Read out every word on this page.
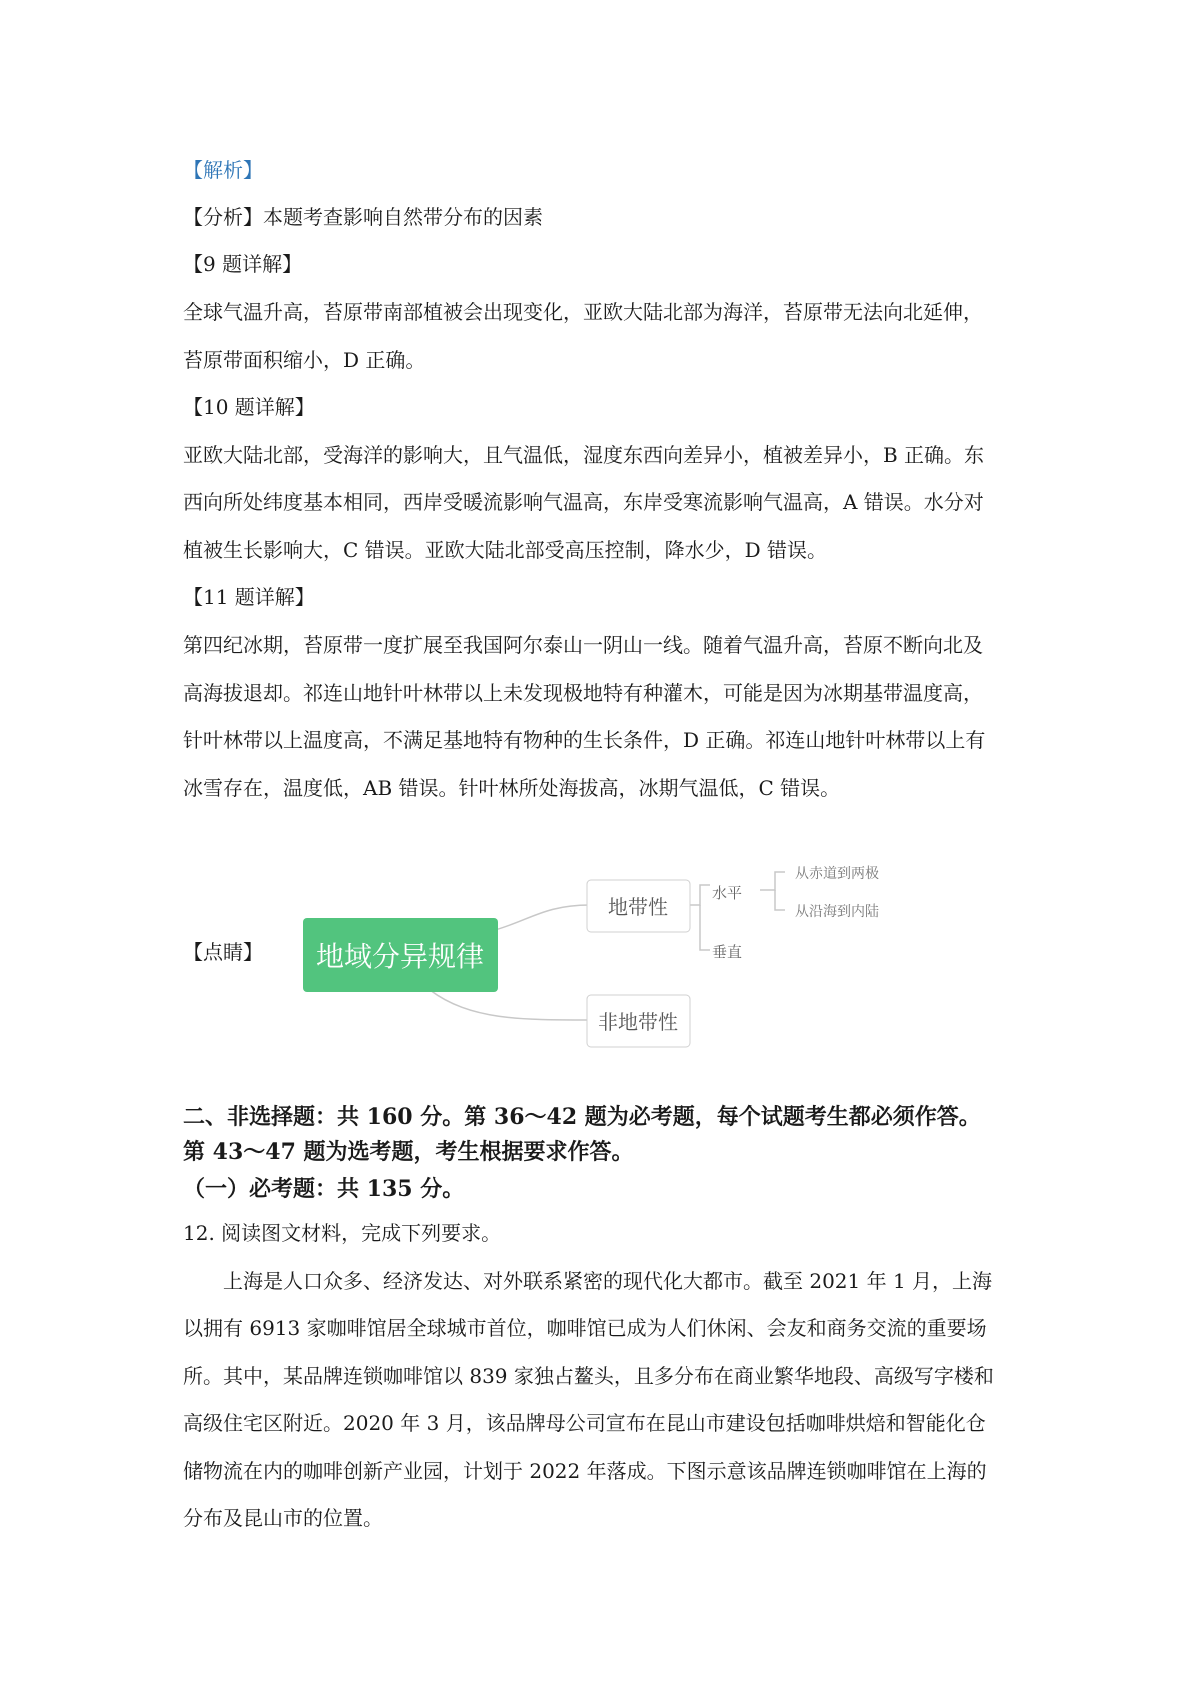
【解析】
【分析】本题考查影响自然带分布的因素
【9 题详解】
全球气温升高，苔原带南部植被会出现变化，亚欧大陆北部为海洋，苔原带无法向北延伸，
苔原带面积缩小，D 正确。
【10 题详解】
亚欧大陆北部，受海洋的影响大，且气温低，湿度东西向差异小，植被差异小，B 正确。东
西向所处纬度基本相同，西岸受暖流影响气温高，东岸受寒流影响气温高，A 错误。水分对
植被生长影响大，C 错误。亚欧大陆北部受高压控制，降水少，D 错误。
【11 题详解】
第四纪冰期，苔原带一度扩展至我国阿尔泰山一阴山一线。随着气温升高，苔原不断向北及
高海拔退却。祁连山地针叶林带以上未发现极地特有种灌木，可能是因为冰期基带温度高，
针叶林带以上温度高，不满足基地特有物种的生长条件，D 正确。祁连山地针叶林带以上有
冰雪存在，温度低，AB 错误。针叶林所处海拔高，冰期气温低，C 错误。
【点睛】 地域分异规律
地带性
非地带性
水平
垂直
从赤道到两极
从沿海到内陆
二、非选择题：共 160 分。第 36～42 题为必考题，每个试题考生都必须作答。
第 43～47 题为选考题，考生根据要求作答。
（一）必考题：共 135 分。
12. 阅读图文材料，完成下列要求。
上海是人口众多、经济发达、对外联系紧密的现代化大都市。截至 2021 年 1 月，上海
以拥有 6913 家咖啡馆居全球城市首位，咖啡馆已成为人们休闲、会友和商务交流的重要场
所。其中，某品牌连锁咖啡馆以 839 家独占鳌头，且多分布在商业繁华地段、高级写字楼和
高级住宅区附近。2020 年 3 月，该品牌母公司宣布在昆山市建设包括咖啡烘焙和智能化仓
储物流在内的咖啡创新产业园，计划于 2022 年落成。下图示意该品牌连锁咖啡馆在上海的
分布及昆山市的位置。
